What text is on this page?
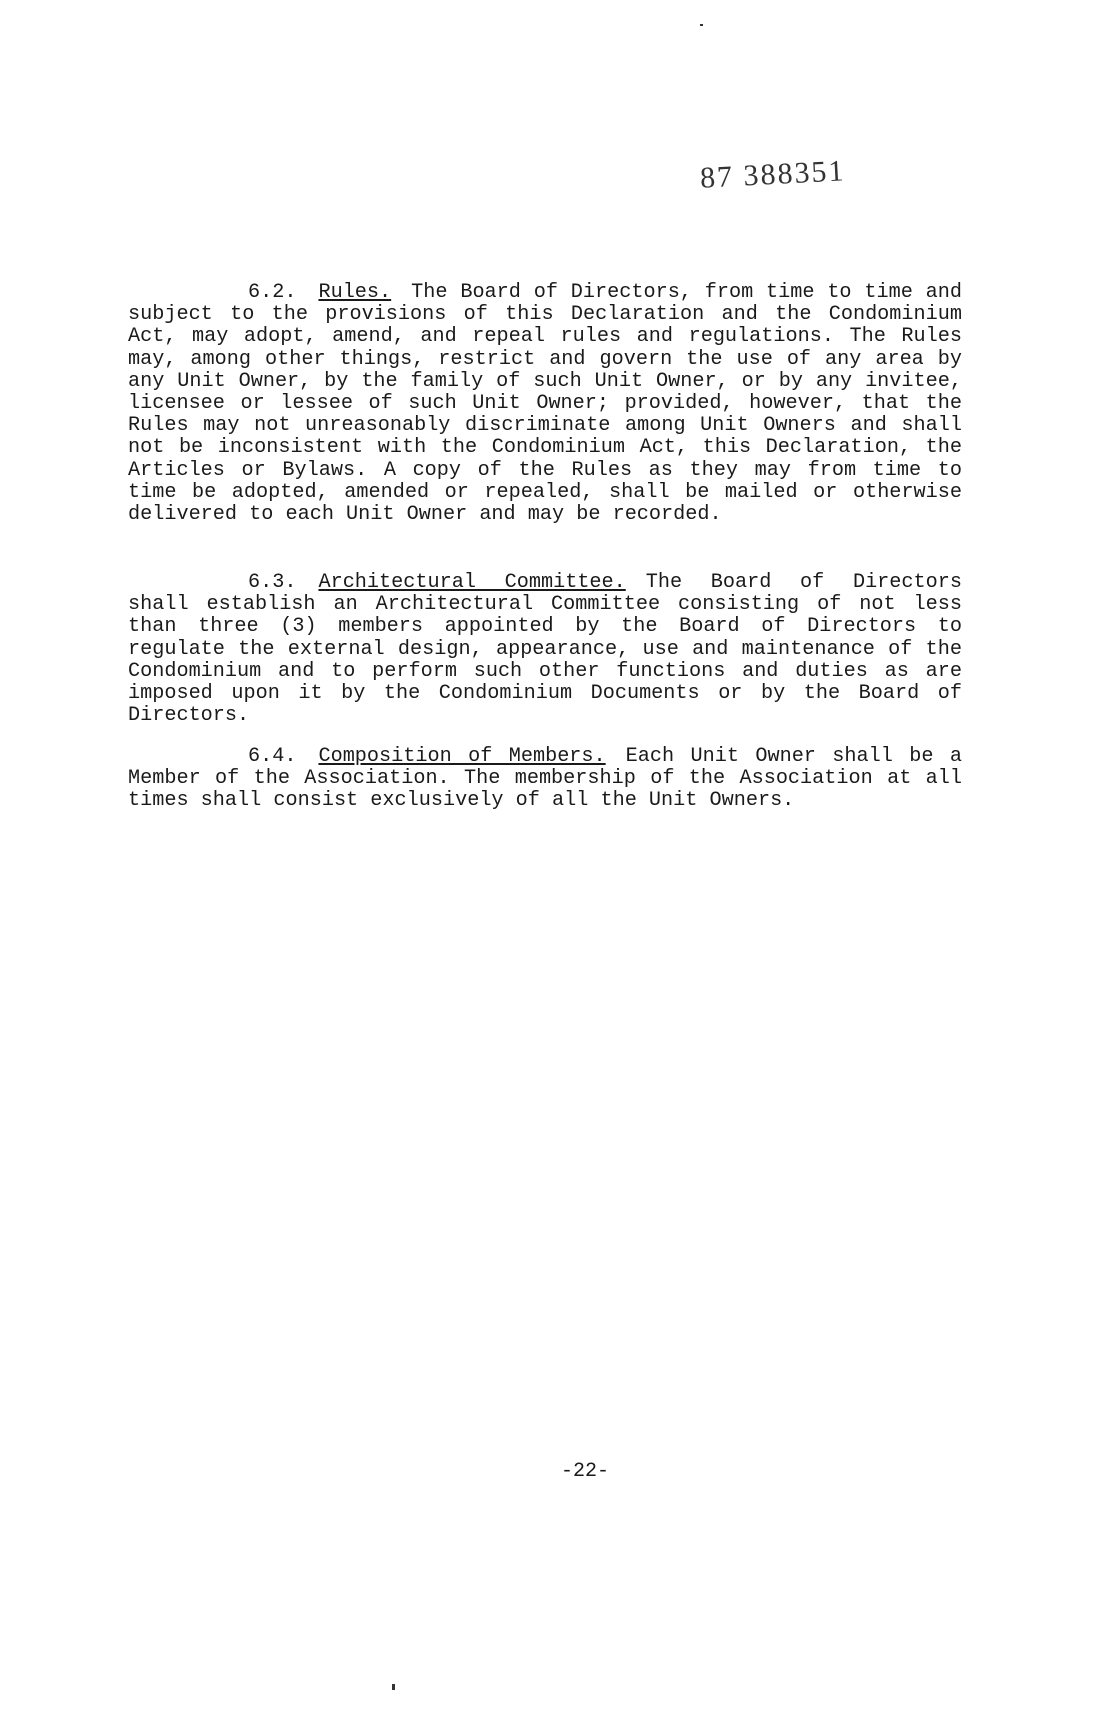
87 388351

6.2. Rules. The Board of Directors, from time to time and subject to the provisions of this Declaration and the Condominium Act, may adopt, amend, and repeal rules and regulations. The Rules may, among other things, restrict and govern the use of any area by any Unit Owner, by the family of such Unit Owner, or by any invitee, licensee or lessee of such Unit Owner; provided, however, that the Rules may not unreasonably discriminate among Unit Owners and shall not be inconsistent with the Condominium Act, this Declaration, the Articles or Bylaws. A copy of the Rules as they may from time to time be adopted, amended or repealed, shall be mailed or otherwise delivered to each Unit Owner and may be recorded.

6.3. Architectural Committee. The Board of Directors shall establish an Architectural Committee consisting of not less than three (3) members appointed by the Board of Directors to regulate the external design, appearance, use and maintenance of the Condominium and to perform such other functions and duties as are imposed upon it by the Condominium Documents or by the Board of Directors.

6.4. Composition of Members. Each Unit Owner shall be a Member of the Association. The membership of the Association at all times shall consist exclusively of all the Unit Owners.

-22-
